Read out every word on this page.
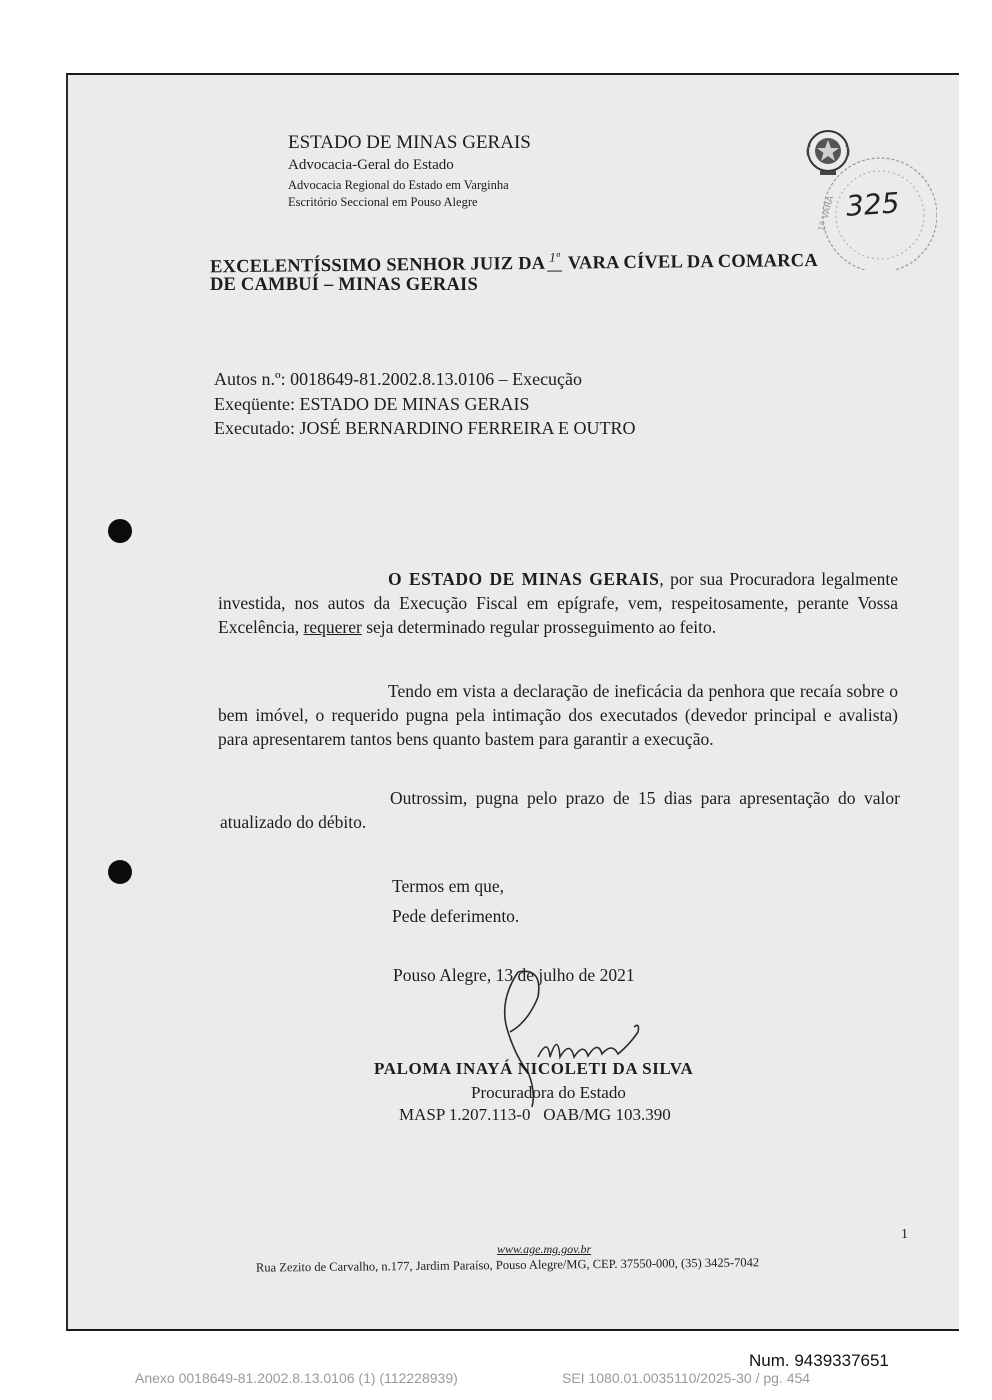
ESTADO DE MINAS GERAIS
Advocacia-Geral do Estado
Advocacia Regional do Estado em Varginha
Escritório Seccional em Pouso Alegre	1ª VARA 325
EXCELENTÍSSIMO SENHOR JUIZ DA 1ª VARA CÍVEL DA COMARCA
DE CAMBUÍ – MINAS GERAIS
Autos n.º: 0018649-81.2002.8.13.0106 – Execução
Exeqüente: ESTADO DE MINAS GERAIS
Executado: JOSÉ BERNARDINO FERREIRA E OUTRO
O ESTADO DE MINAS GERAIS, por sua Procuradora legalmente investida, nos autos da Execução Fiscal em epígrafe, vem, respeitosamente, perante Vossa Excelência, requerer seja determinado regular prosseguimento ao feito.
Tendo em vista a declaração de ineficácia da penhora que recaía sobre o bem imóvel, o requerido pugna pela intimação dos executados (devedor principal e avalista) para apresentarem tantos bens quanto bastem para garantir a execução.
Outrossim, pugna pelo prazo de 15 dias para apresentação do valor atualizado do débito.
Termos em que,
Pede deferimento.
Pouso Alegre, 13 de julho de 2021
Paloma
PALOMA INAYÁ NICOLETI DA SILVA
Procuradora do Estado
MASP 1.207.113-0   OAB/MG 103.390
1
www.age.mg.gov.br
Rua Zezito de Carvalho, n.177, Jardim Paraíso, Pouso Alegre/MG, CEP. 37550-000, (35) 3425-7042
Num. 9439337651
Anexo 0018649-81.2002.8.13.0106 (1) (112228939)	SEI 1080.01.0035110/2025-30 / pg. 454
